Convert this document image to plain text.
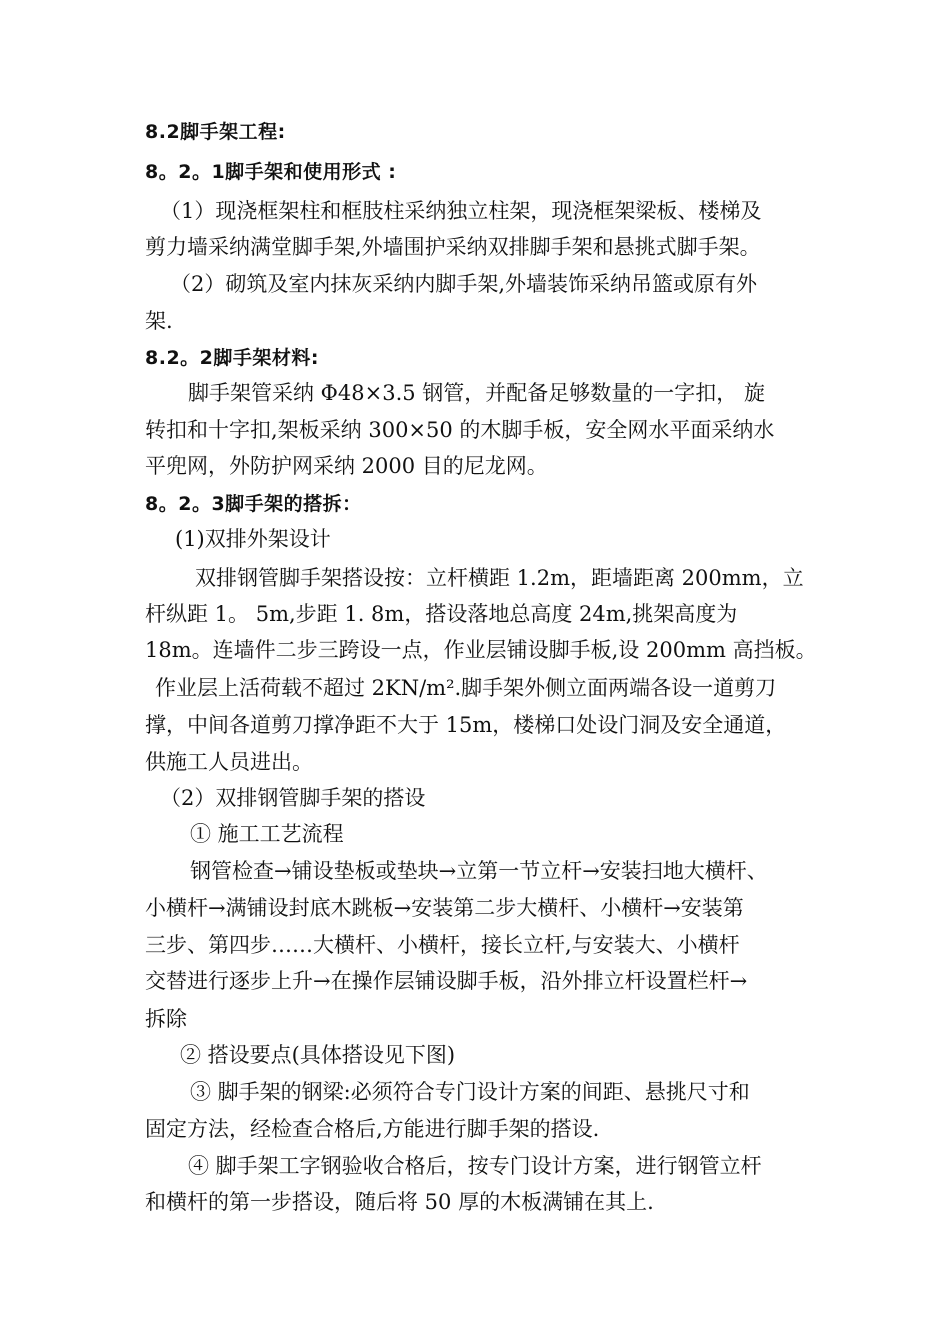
8.2脚手架工程:
8。2。1脚手架和使用形式 :
（1）现浇框架柱和框肢柱采纳独立柱架，现浇框架梁板、楼梯及
剪力墙采纳满堂脚手架,外墙围护采纳双排脚手架和悬挑式脚手架。
（2）砌筑及室内抹灰采纳内脚手架,外墙装饰采纳吊篮或原有外
架.
8.2。2脚手架材料:
脚手架管采纳 Φ48×3.5 钢管，并配备足够数量的一字扣， 旋
转扣和十字扣,架板采纳 300×50 的木脚手板，安全网水平面采纳水
平兜网，外防护网采纳 2000 目的尼龙网。
8。2。3脚手架的搭拆：
(1)双排外架设计
双排钢管脚手架搭设按：立杆横距 1.2m，距墙距离 200mm，立
杆纵距 1。 5m,步距 1. 8m，搭设落地总高度 24m,挑架高度为
18m。连墙件二步三跨设一点，作业层铺设脚手板,设 200mm 高挡板。
作业层上活荷载不超过 2KN/m².脚手架外侧立面两端各设一道剪刀
撑，中间各道剪刀撑净距不大于 15m，楼梯口处设门洞及安全通道，
供施工人员进出。
（2）双排钢管脚手架的搭设
① 施工工艺流程
钢管检查→铺设垫板或垫块→立第一节立杆→安装扫地大横杆、
小横杆→满铺设封底木跳板→安装第二步大横杆、小横杆→安装第
三步、第四步……大横杆、小横杆，接长立杆,与安装大、小横杆
交替进行逐步上升→在操作层铺设脚手板，沿外排立杆设置栏杆→
拆除
② 搭设要点(具体搭设见下图)
③ 脚手架的钢梁:必须符合专门设计方案的间距、悬挑尺寸和
固定方法，经检查合格后,方能进行脚手架的搭设.
④ 脚手架工字钢验收合格后，按专门设计方案，进行钢管立杆
和横杆的第一步搭设，随后将 50 厚的木板满铺在其上.
